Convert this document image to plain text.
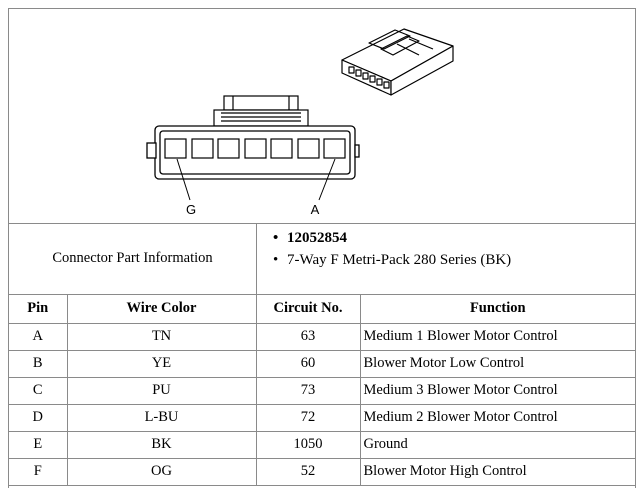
G	A
Connector Part Information
• 12052854
• 7-Way F Metri-Pack 280 Series (BK)
Pin	Wire Color	Circuit No.	Function
A	TN	63	Medium 1 Blower Motor Control
B	YE	60	Blower Motor Low Control
C	PU	73	Medium 3 Blower Motor Control
D	L-BU	72	Medium 2 Blower Motor Control
E	BK	1050	Ground
F	OG	52	Blower Motor High Control
